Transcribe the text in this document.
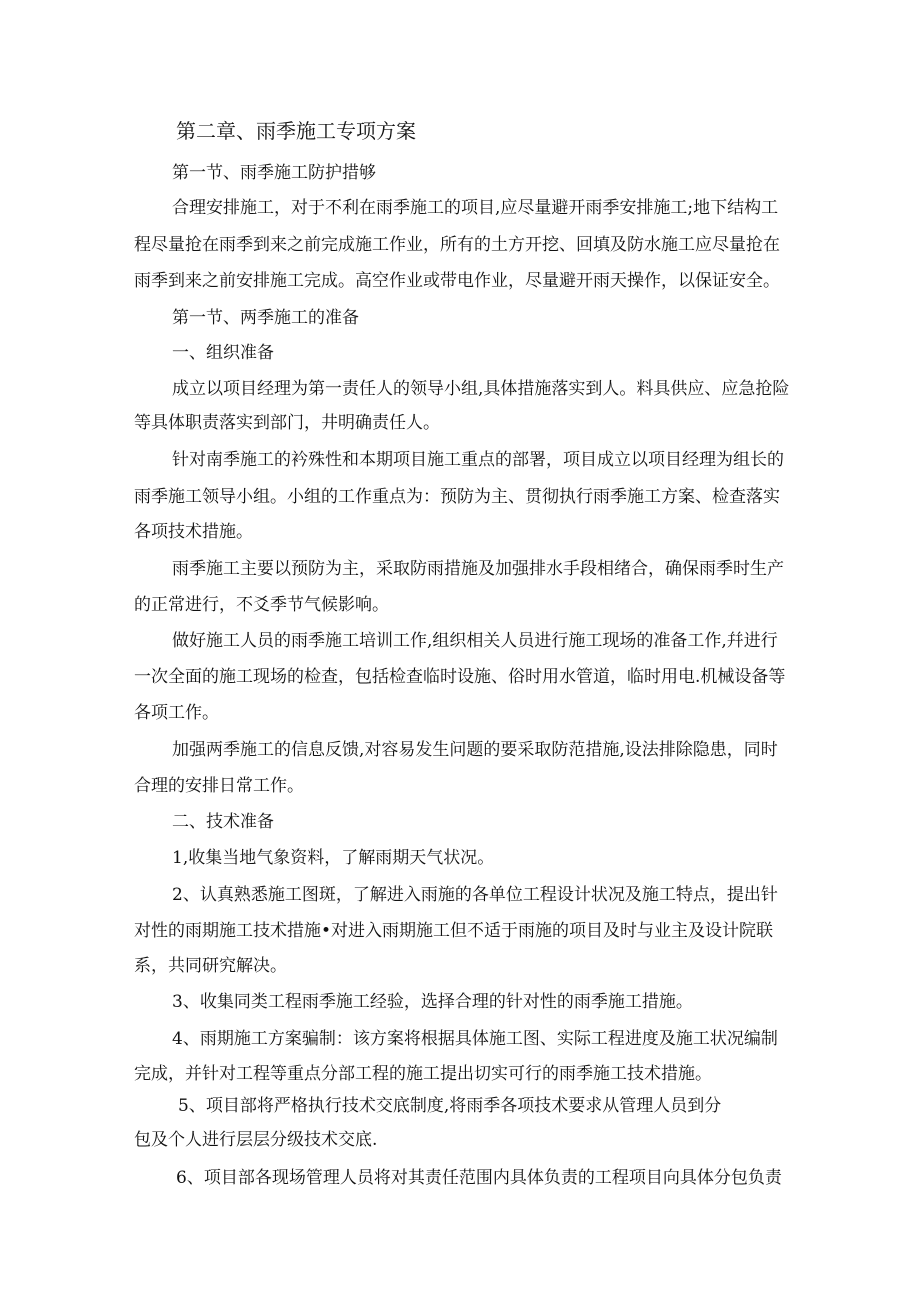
第二章、雨季施工专项方案
第一节、雨季施工防护措够
合理安排施工，对于不利在雨季施工的项目,应尽量避开雨季安排施工;地下结构工
程尽量抢在雨季到来之前完成施工作业，所有的土方开挖、回填及防水施工应尽量抢在
雨季到来之前安排施工完成。高空作业或带电作业，尽量避开雨天操作，以保证安全。
第一节、两季施工的准备
一、组织准备
成立以项目经理为第一责任人的领导小组,具体措施落实到人。料具供应、应急抢险
等具体职责落实到部门，井明确责任人。
针对南季施工的衿殊性和本期项目施工重点的部署，项目成立以项目经理为组长的
雨季施工领导小组。小组的工作重点为：预防为主、贯彻执行雨季施工方案、检查落实
各项技术措施。
雨季施工主要以预防为主，采取防雨措施及加强排水手段相绪合，确保雨季时生产
的正常进行，不爻季节气候影响。
做好施工人员的雨季施工培训工作,组织相关人员进行施工现场的准备工作,幷进行
一次全面的施工现场的检查，包括检查临时设施、俗时用水管道，临时用电.机械设备等
各项工作。
加强两季施工的信息反馈,对容易发生问题的要采取防范措施,设法排除隐患，同时
合理的安排日常工作。
二、技术准备
1,收集当地气象资料，了解雨期天气状况。
2、认真熟悉施工图斑，了解进入雨施的各单位工程设计状况及施工特点，提出针
对性的雨期施工技术措施•对进入雨期施工但不适于雨施的项目及时与业主及设计院联
系，共同研究解决。
3、收集同类工程雨季施工经验，选择合理的针对性的雨季施工措施。
4、雨期施工方案骗制：该方案将根据具体施工图、实际工程进度及施工状况编制
完成，并针对工程等重点分部工程的施工提出切实可行的雨季施工技术措施。
5、项目部将严格执行技术交底制度,将雨季各项技术要求从管理人员到分
包及个人进行层层分级技术交底.
6、项目部各现场管理人员将对其责任范围内具体负责的工程项目向具体分包负责
